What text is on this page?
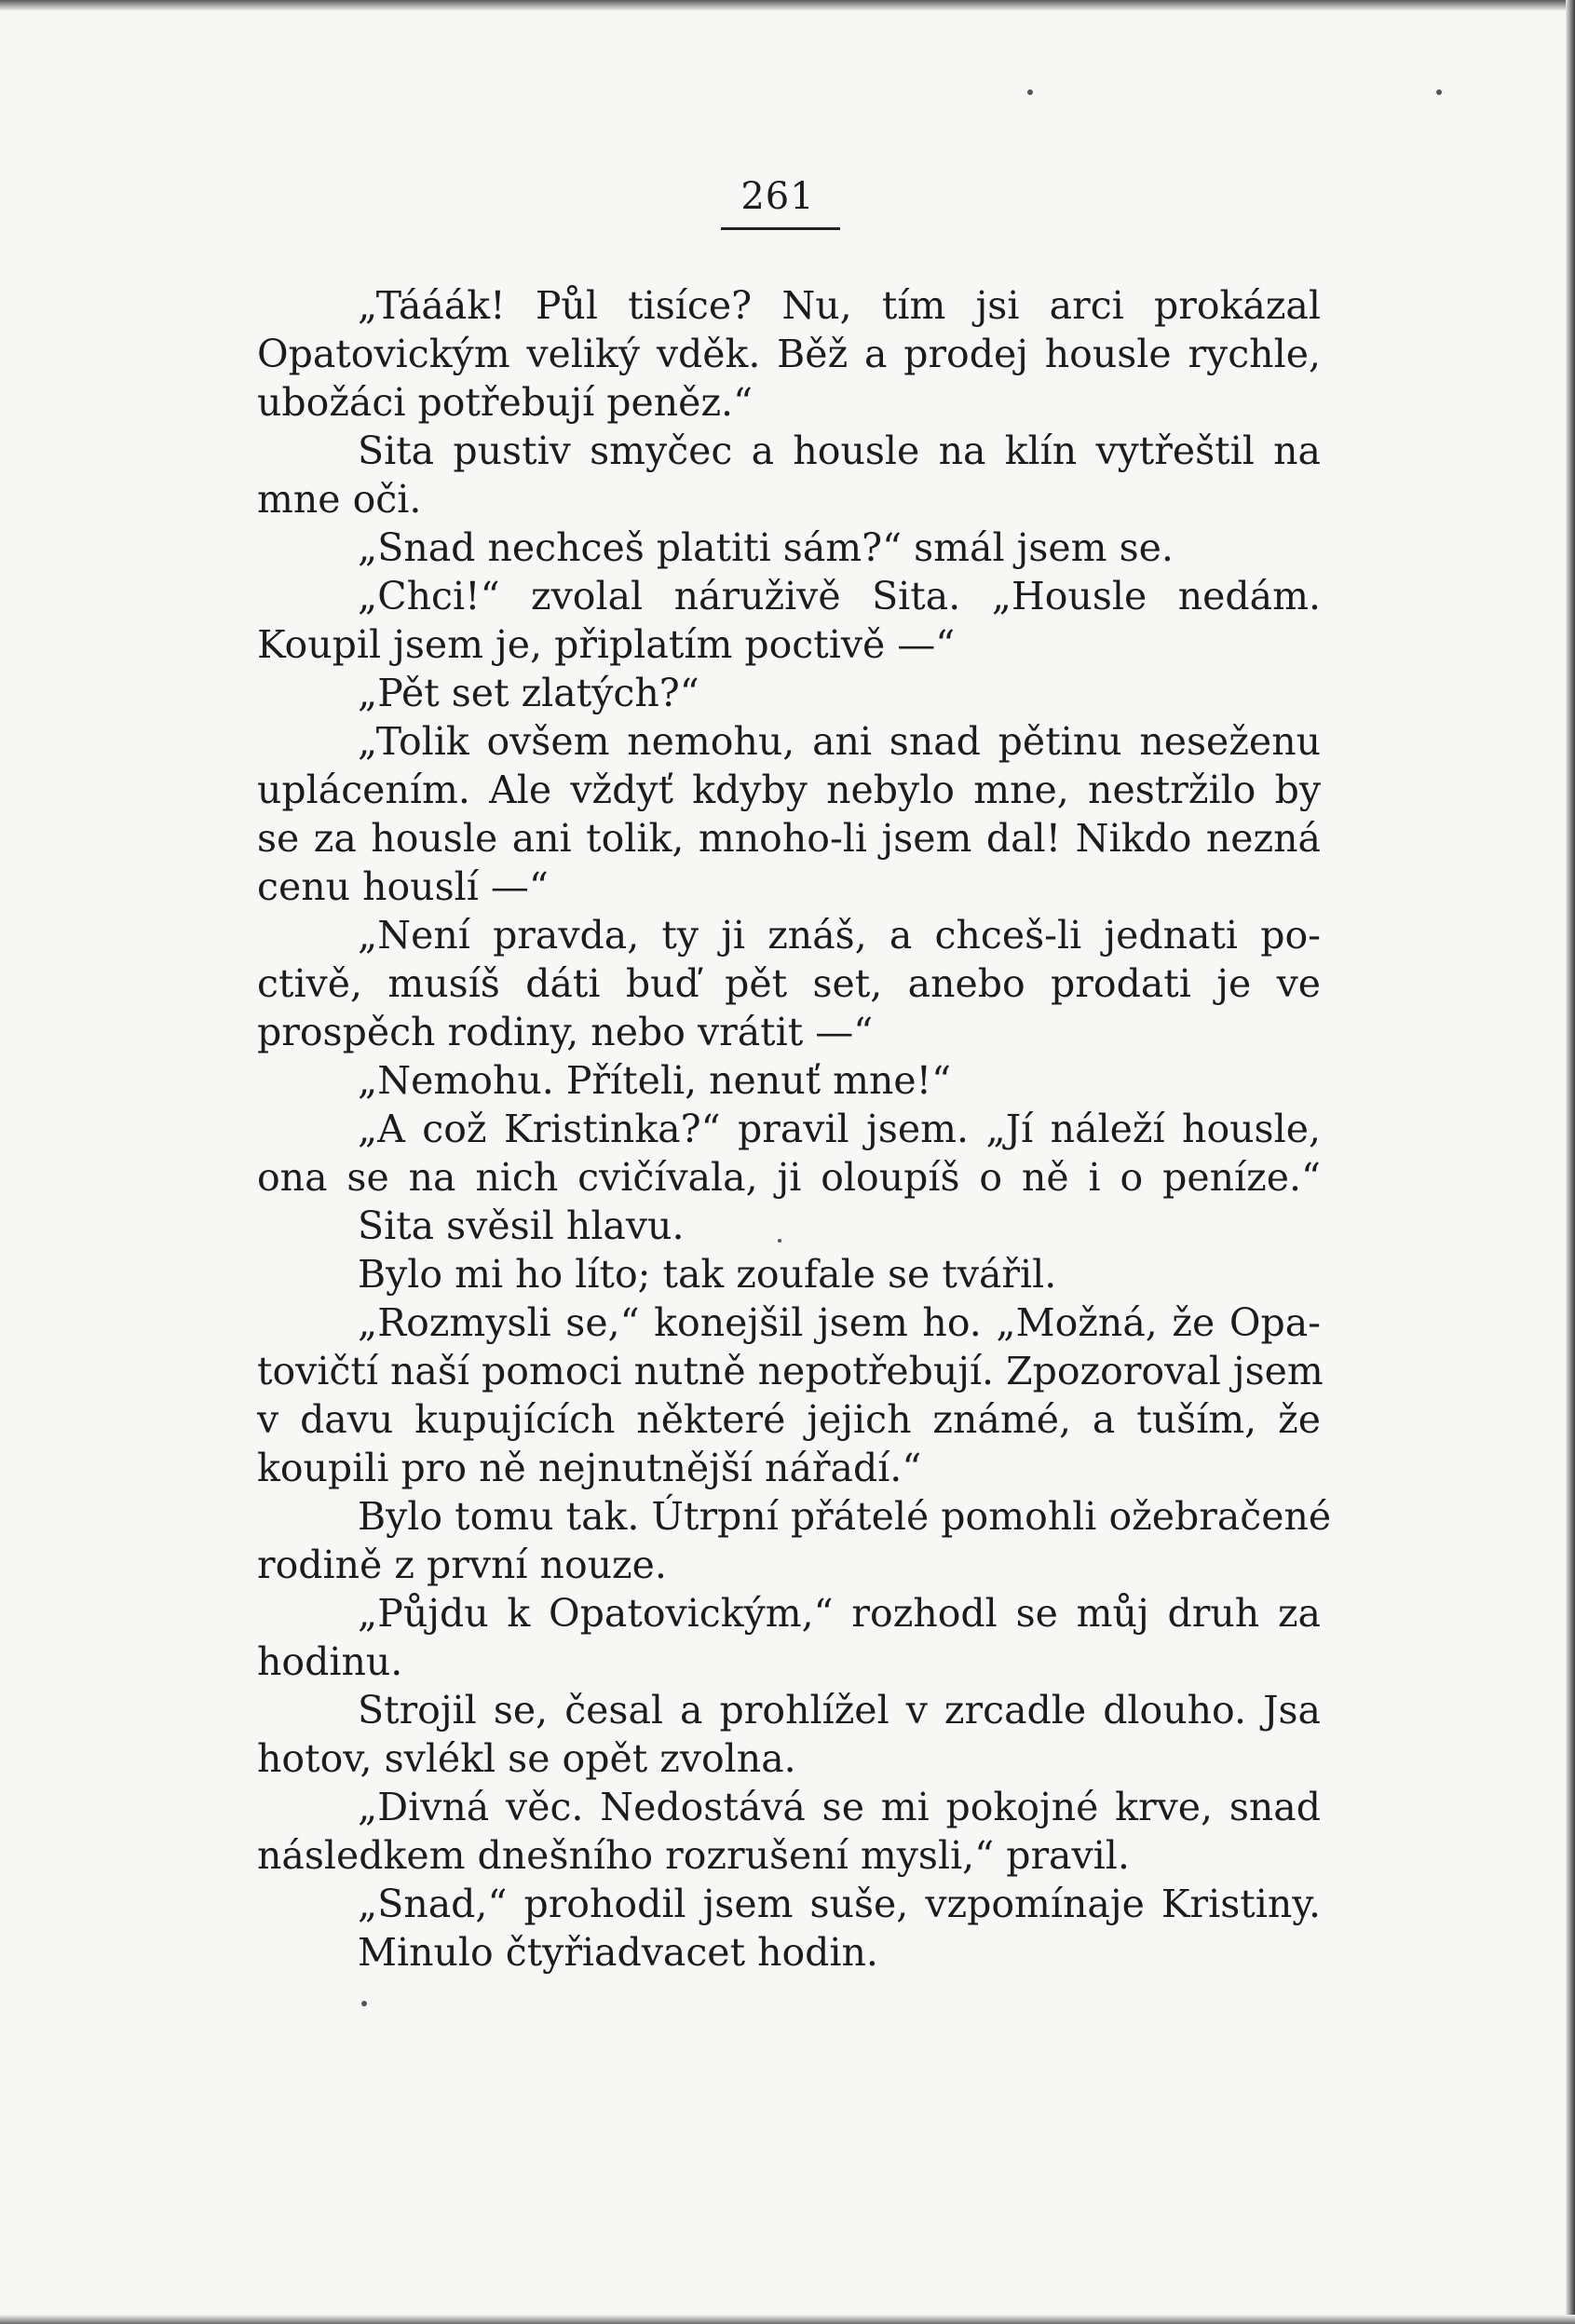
261
„Tááák! Půl tisíce? Nu, tím jsi arci prokázal
Opatovickým veliký vděk. Běž a prodej housle rychle,
ubožáci potřebují peněz.“
Sita pustiv smyčec a housle na klín vytřeštil na
mne oči.
„Snad nechceš platiti sám?“ smál jsem se.
„Chci!“ zvolal náruživě Sita. „Housle nedám.
Koupil jsem je, připlatím poctivě —“
„Pět set zlatých?“
„Tolik ovšem nemohu, ani snad pětinu neseženu
uplácením. Ale vždyť kdyby nebylo mne, nestržilo by
se za housle ani tolik, mnoho-li jsem dal! Nikdo nezná
cenu houslí —“
„Není pravda, ty ji znáš, a chceš-li jednati po-
ctivě, musíš dáti buď pět set, anebo prodati je ve
prospěch rodiny, nebo vrátit —“
„Nemohu. Příteli, nenuť mne!“
„A což Kristinka?“ pravil jsem. „Jí náleží housle,
ona se na nich cvičívala, ji oloupíš o ně i o peníze.“
Sita svěsil hlavu.
Bylo mi ho líto; tak zoufale se tvářil.
„Rozmysli se,“ konejšil jsem ho. „Možná, že Opa-
tovičtí naší pomoci nutně nepotřebují. Zpozoroval jsem
v davu kupujících některé jejich známé, a tuším, že
koupili pro ně nejnutnější nářadí.“
Bylo tomu tak. Útrpní přátelé pomohli ožebračené
rodině z první nouze.
„Půjdu k Opatovickým,“ rozhodl se můj druh za
hodinu.
Strojil se, česal a prohlížel v zrcadle dlouho. Jsa
hotov, svlékl se opět zvolna.
„Divná věc. Nedostává se mi pokojné krve, snad
následkem dnešního rozrušení mysli,“ pravil.
„Snad,“ prohodil jsem suše, vzpomínaje Kristiny.
Minulo čtyřiadvacet hodin.
